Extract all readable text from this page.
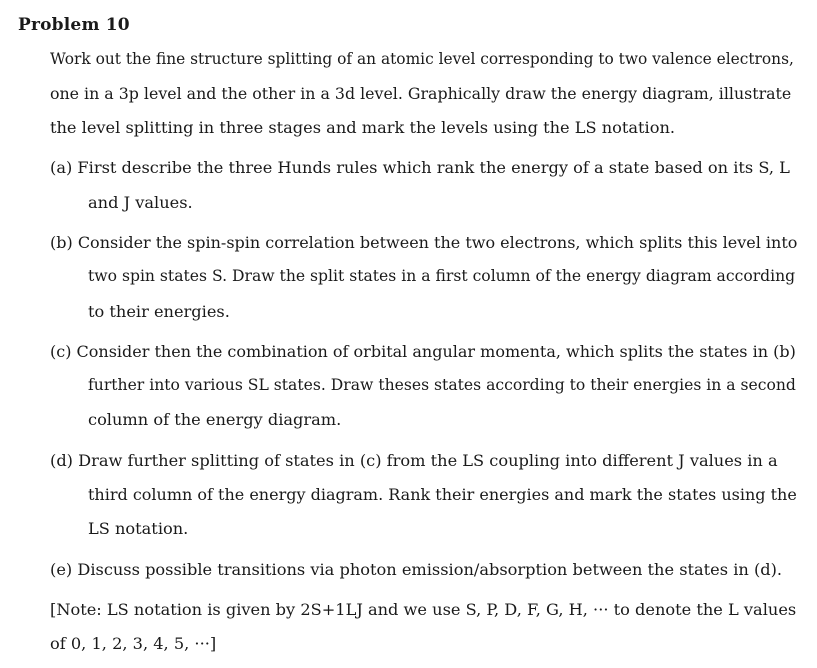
Problem 10
Work out the fine structure splitting of an atomic level corresponding to two valence electrons,
one in a 3p level and the other in a 3d level. Graphically draw the energy diagram, illustrate
the level splitting in three stages and mark the levels using the LS notation.
(a) First describe the three Hunds rules which rank the energy of a state based on its S, L
and J values.
(b) Consider the spin-spin correlation between the two electrons, which splits this level into
two spin states S. Draw the split states in a first column of the energy diagram according
to their energies.
(c) Consider then the combination of orbital angular momenta, which splits the states in (b)
further into various SL states. Draw theses states according to their energies in a second
column of the energy diagram.
(d) Draw further splitting of states in (c) from the LS coupling into different J values in a
third column of the energy diagram. Rank their energies and mark the states using the
LS notation.
(e) Discuss possible transitions via photon emission/absorption between the states in (d).
[Note: LS notation is given by 2S+1LJ and we use S, P, D, F, G, H, ··· to denote the L values
of 0, 1, 2, 3, 4, 5, ···]
